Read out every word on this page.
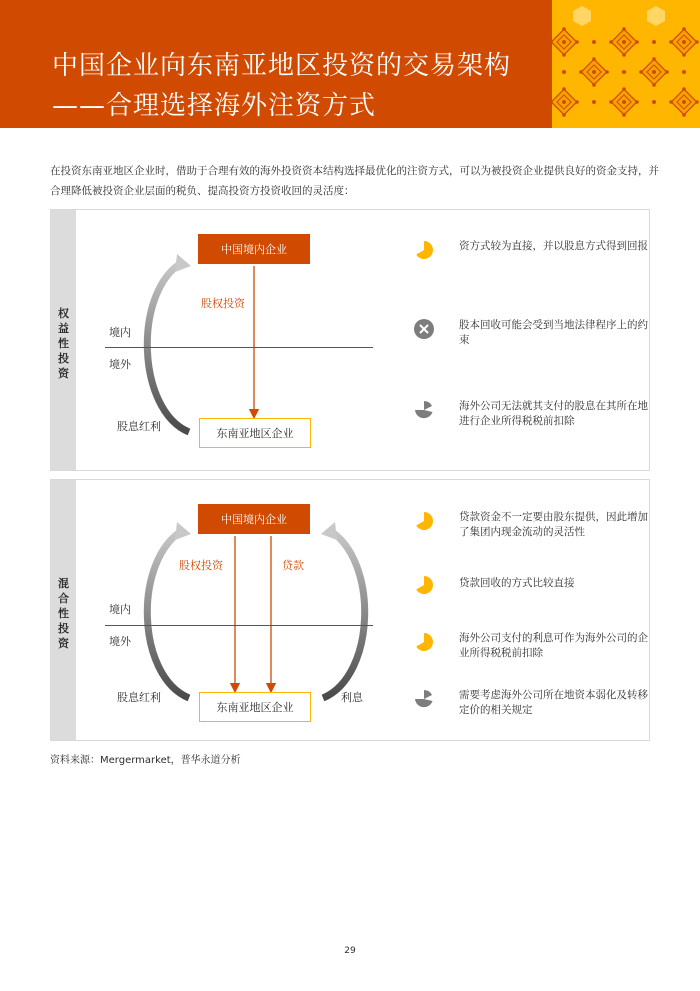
中国企业向东南亚地区投资的交易架构
——合理选择海外注资方式
在投资东南亚地区企业时，借助于合理有效的海外投资资本结构选择最优化的注资方式，可以为被投资企业提供良好的资金支持，并合理降低被投资企业层面的税负、提高投资方投资收回的灵活度：
权
益
性
投
资
中国境内企业
股权投资
境内
境外
股息红利
东南亚地区企业
资方式较为直接，并以股息方式得到回报
股本回收可能会受到当地法律程序上的约束
海外公司无法就其支付的股息在其所在地进行企业所得税税前扣除
混
合
性
投
资
中国境内企业
股权投资	贷款
境内
境外
股息红利	利息
东南亚地区企业
贷款资金不一定要由股东提供，因此增加了集团内现金流动的灵活性
贷款回收的方式比较直接
海外公司支付的利息可作为海外公司的企业所得税税前扣除
需要考虑海外公司所在地资本弱化及转移定价的相关规定
资料来源：Mergermarket，普华永道分析
29
